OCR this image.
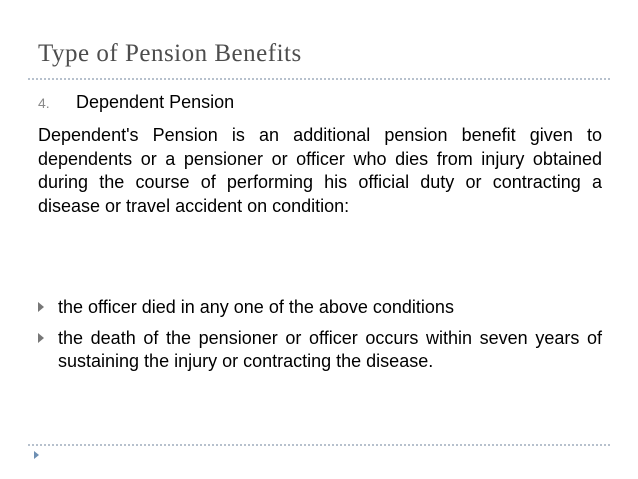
Type of Pension Benefits
4. Dependent Pension
Dependent's Pension is an additional pension benefit given to dependents or a pensioner or officer who dies from injury obtained during the course of performing his official duty or contracting a disease or travel accident on condition:
the officer died in any one of the above conditions
the death of the pensioner or officer occurs within seven years of sustaining the injury or contracting the disease.
